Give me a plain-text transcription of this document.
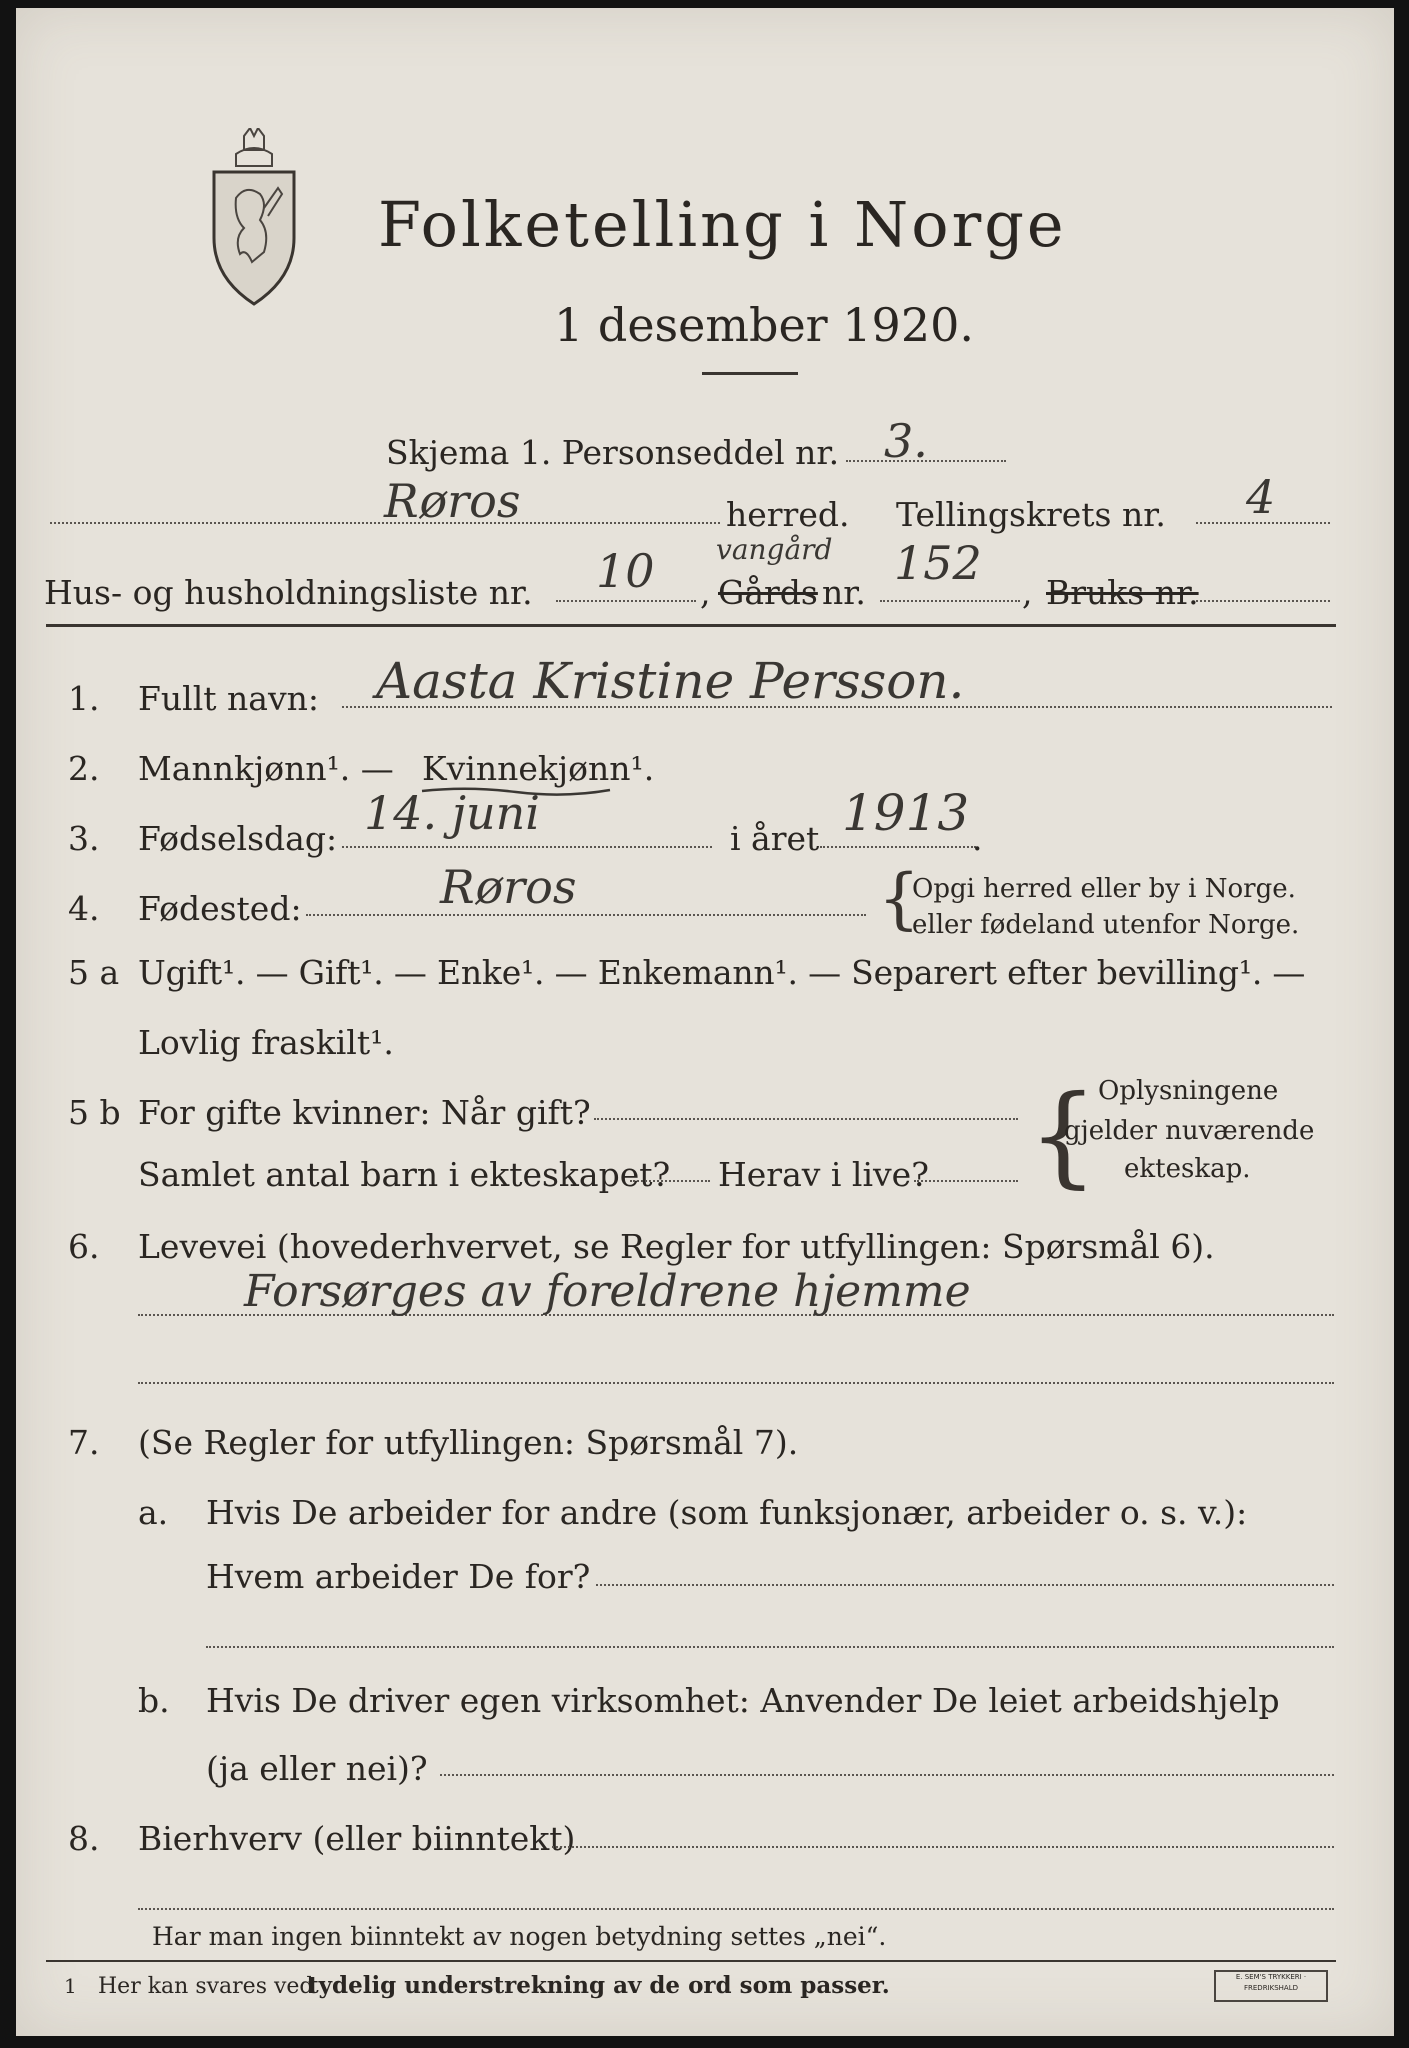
Folketelling i Norge
1 desember 1920.
Skjema 1. Personseddel nr. 3.
Røros	herred. Tellingskrets nr. 4
Hus- og husholdningsliste nr. 10 ,
vangård
Gårds nr.
152
, Bruks nr.
1. Fullt navn: Aasta Kristine Persson.
2. Mannkjønn¹. — Kvinnekjønn¹.
3. Fødselsdag: 14. juni	i året 1913 .
4. Fødested:	Røros	{
Opgi herred eller by i Norge.
eller fødeland utenfor Norge.
5 a Ugift¹. — Gift¹. — Enke¹. — Enkemann¹. — Separert efter bevilling¹. —
Lovlig fraskilt¹.
5 b For gifte kvinner: Når gift?
Samlet antal barn i ekteskapet? Herav i live? { Oplysningene
gjelder nuværende
ekteskap.
6. Levevei (hovederhvervet, se Regler for utfyllingen: Spørsmål 6).
Forsørges av foreldrene hjemme
7. (Se Regler for utfyllingen: Spørsmål 7).
a. Hvis De arbeider for andre (som funksjonær, arbeider o. s. v.):
Hvem arbeider De for?
b. Hvis De driver egen virksomhet: Anvender De leiet arbeidshjelp
(ja eller nei)?
8. Bierhverv (eller biinntekt)
Har man ingen biinntekt av nogen betydning settes „nei“.
1 Her kan svares ved
tydelig understrekning av de ord som passer.	E. SEM'S TRYKKERI · FREDRIKSHALD
